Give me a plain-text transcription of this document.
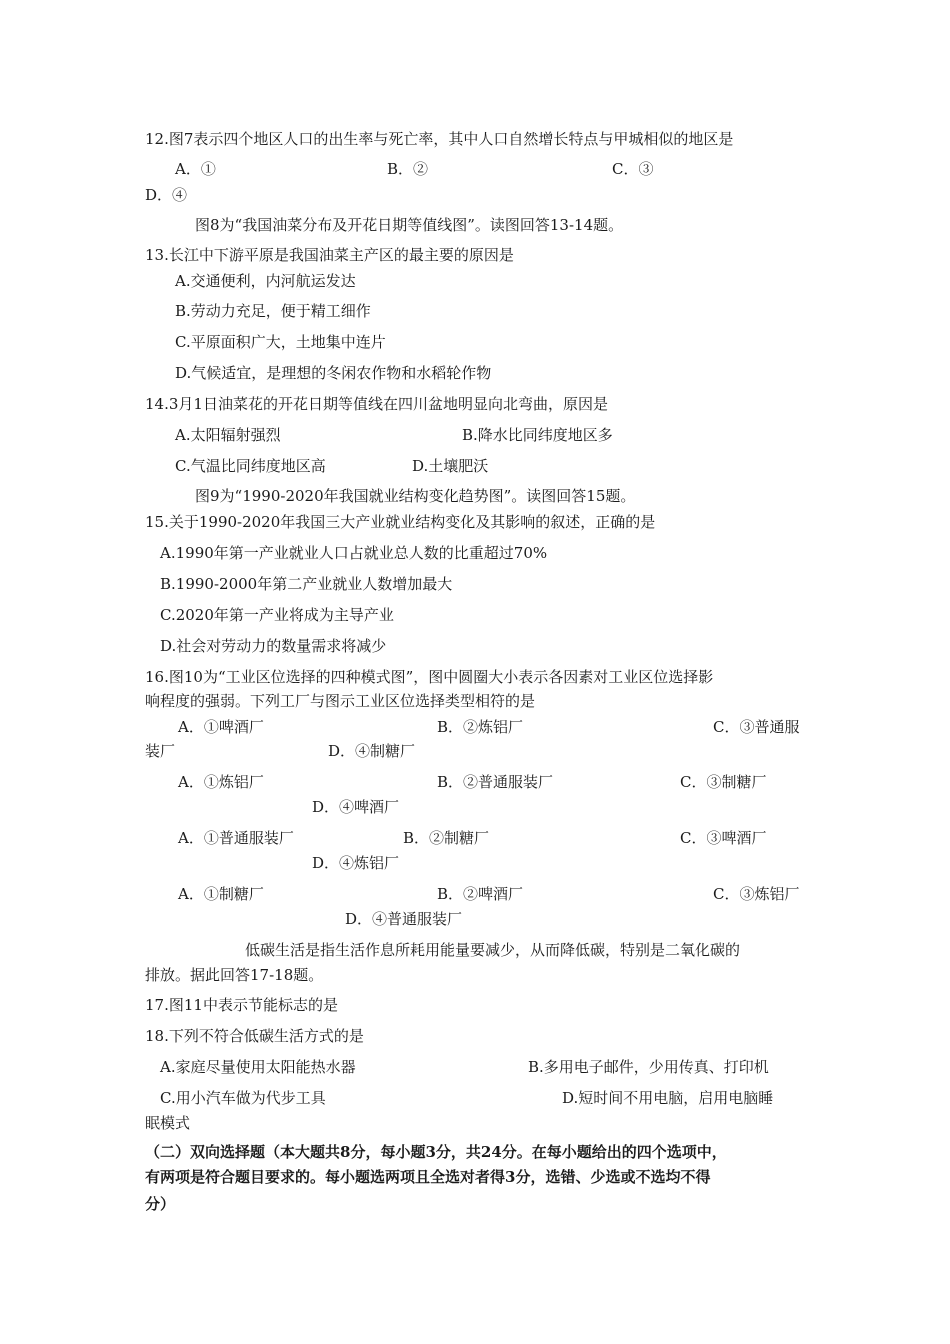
12.图7表示四个地区人口的出生率与死亡率，其中人口自然增长特点与甲城相似的地区是
A．①	B．②	C．③
D．④
图8为“我国油菜分布及开花日期等值线图”。读图回答13-14题。
13.长江中下游平原是我国油菜主产区的最主要的原因是
A.交通便利，内河航运发达
B.劳动力充足，便于精工细作
C.平原面积广大，土地集中连片
D.气候适宜，是理想的冬闲农作物和水稻轮作物
14.3月1日油菜花的开花日期等值线在四川盆地明显向北弯曲，原因是
A.太阳辐射强烈	B.降水比同纬度地区多
C.气温比同纬度地区高	D.土壤肥沃
图9为“1990-2020年我国就业结构变化趋势图”。读图回答15题。
15.关于1990-2020年我国三大产业就业结构变化及其影响的叙述，正确的是
A.1990年第一产业就业人口占就业总人数的比重超过70%
B.1990-2000年第二产业就业人数增加最大
C.2020年第一产业将成为主导产业
D.社会对劳动力的数量需求将减少
16.图10为“工业区位选择的四种模式图”，图中圆圈大小表示各因素对工业区位选择影
响程度的强弱。下列工厂与图示工业区位选择类型相符的是
A．①啤酒厂	B．②炼铝厂	C．③普通服
装厂	D．④制糖厂
A．①炼铝厂	B．②普通服装厂	C．③制糖厂
D．④啤酒厂
A．①普通服装厂	B．②制糖厂	C．③啤酒厂
D．④炼铝厂
A．①制糖厂	B．②啤酒厂	C．③炼铝厂
D．④普通服装厂
低碳生活是指生活作息所耗用能量要减少，从而降低碳，特别是二氧化碳的
排放。据此回答17-18题。
17.图11中表示节能标志的是
18.下列不符合低碳生活方式的是
A.家庭尽量使用太阳能热水器	B.多用电子邮件，少用传真、打印机
C.用小汽车做为代步工具	D.短时间不用电脑，启用电脑睡
眠模式
（二）双向选择题（本大题共8分，每小题3分，共24分。在每小题给出的四个选项中，
有两项是符合题目要求的。每小题选两项且全选对者得3分，选错、少选或不选均不得
分）
